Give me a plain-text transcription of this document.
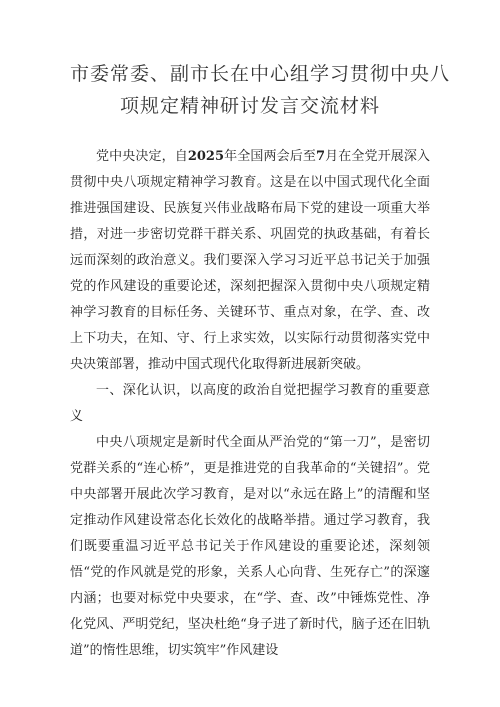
市委常委、副市长在中心组学习贯彻中央八
项规定精神研讨发言交流材料

党中央决定，自2025年全国两会后至7月在全党开展深入贯彻中央八项规定精神学习教育。这是在以中国式现代化全面推进强国建设、民族复兴伟业战略布局下党的建设一项重大举措，对进一步密切党群干群关系、巩固党的执政基础，有着长远而深刻的政治意义。我们要深入学习习近平总书记关于加强党的作风建设的重要论述，深刻把握深入贯彻中央八项规定精神学习教育的目标任务、关键环节、重点对象，在学、查、改上下功夫，在知、守、行上求实效，以实际行动贯彻落实党中央决策部署，推动中国式现代化取得新进展新突破。

一、深化认识，以高度的政治自觉把握学习教育的重要意义

中央八项规定是新时代全面从严治党的“第一刀”，是密切党群关系的“连心桥”，更是推进党的自我革命的“关键招”。党中央部署开展此次学习教育，是对以“永远在路上”的清醒和坚定推动作风建设常态化长效化的战略举措。通过学习教育，我们既要重温习近平总书记关于作风建设的重要论述，深刻领悟“党的作风就是党的形象，关系人心向背、生死存亡”的深邃内涵；也要对标党中央要求，在“学、查、改”中锤炼党性、净化党风、严明党纪，坚决杜绝“身子进了新时代，脑子还在旧轨道”的惰性思维，切实筑牢”作风建设
